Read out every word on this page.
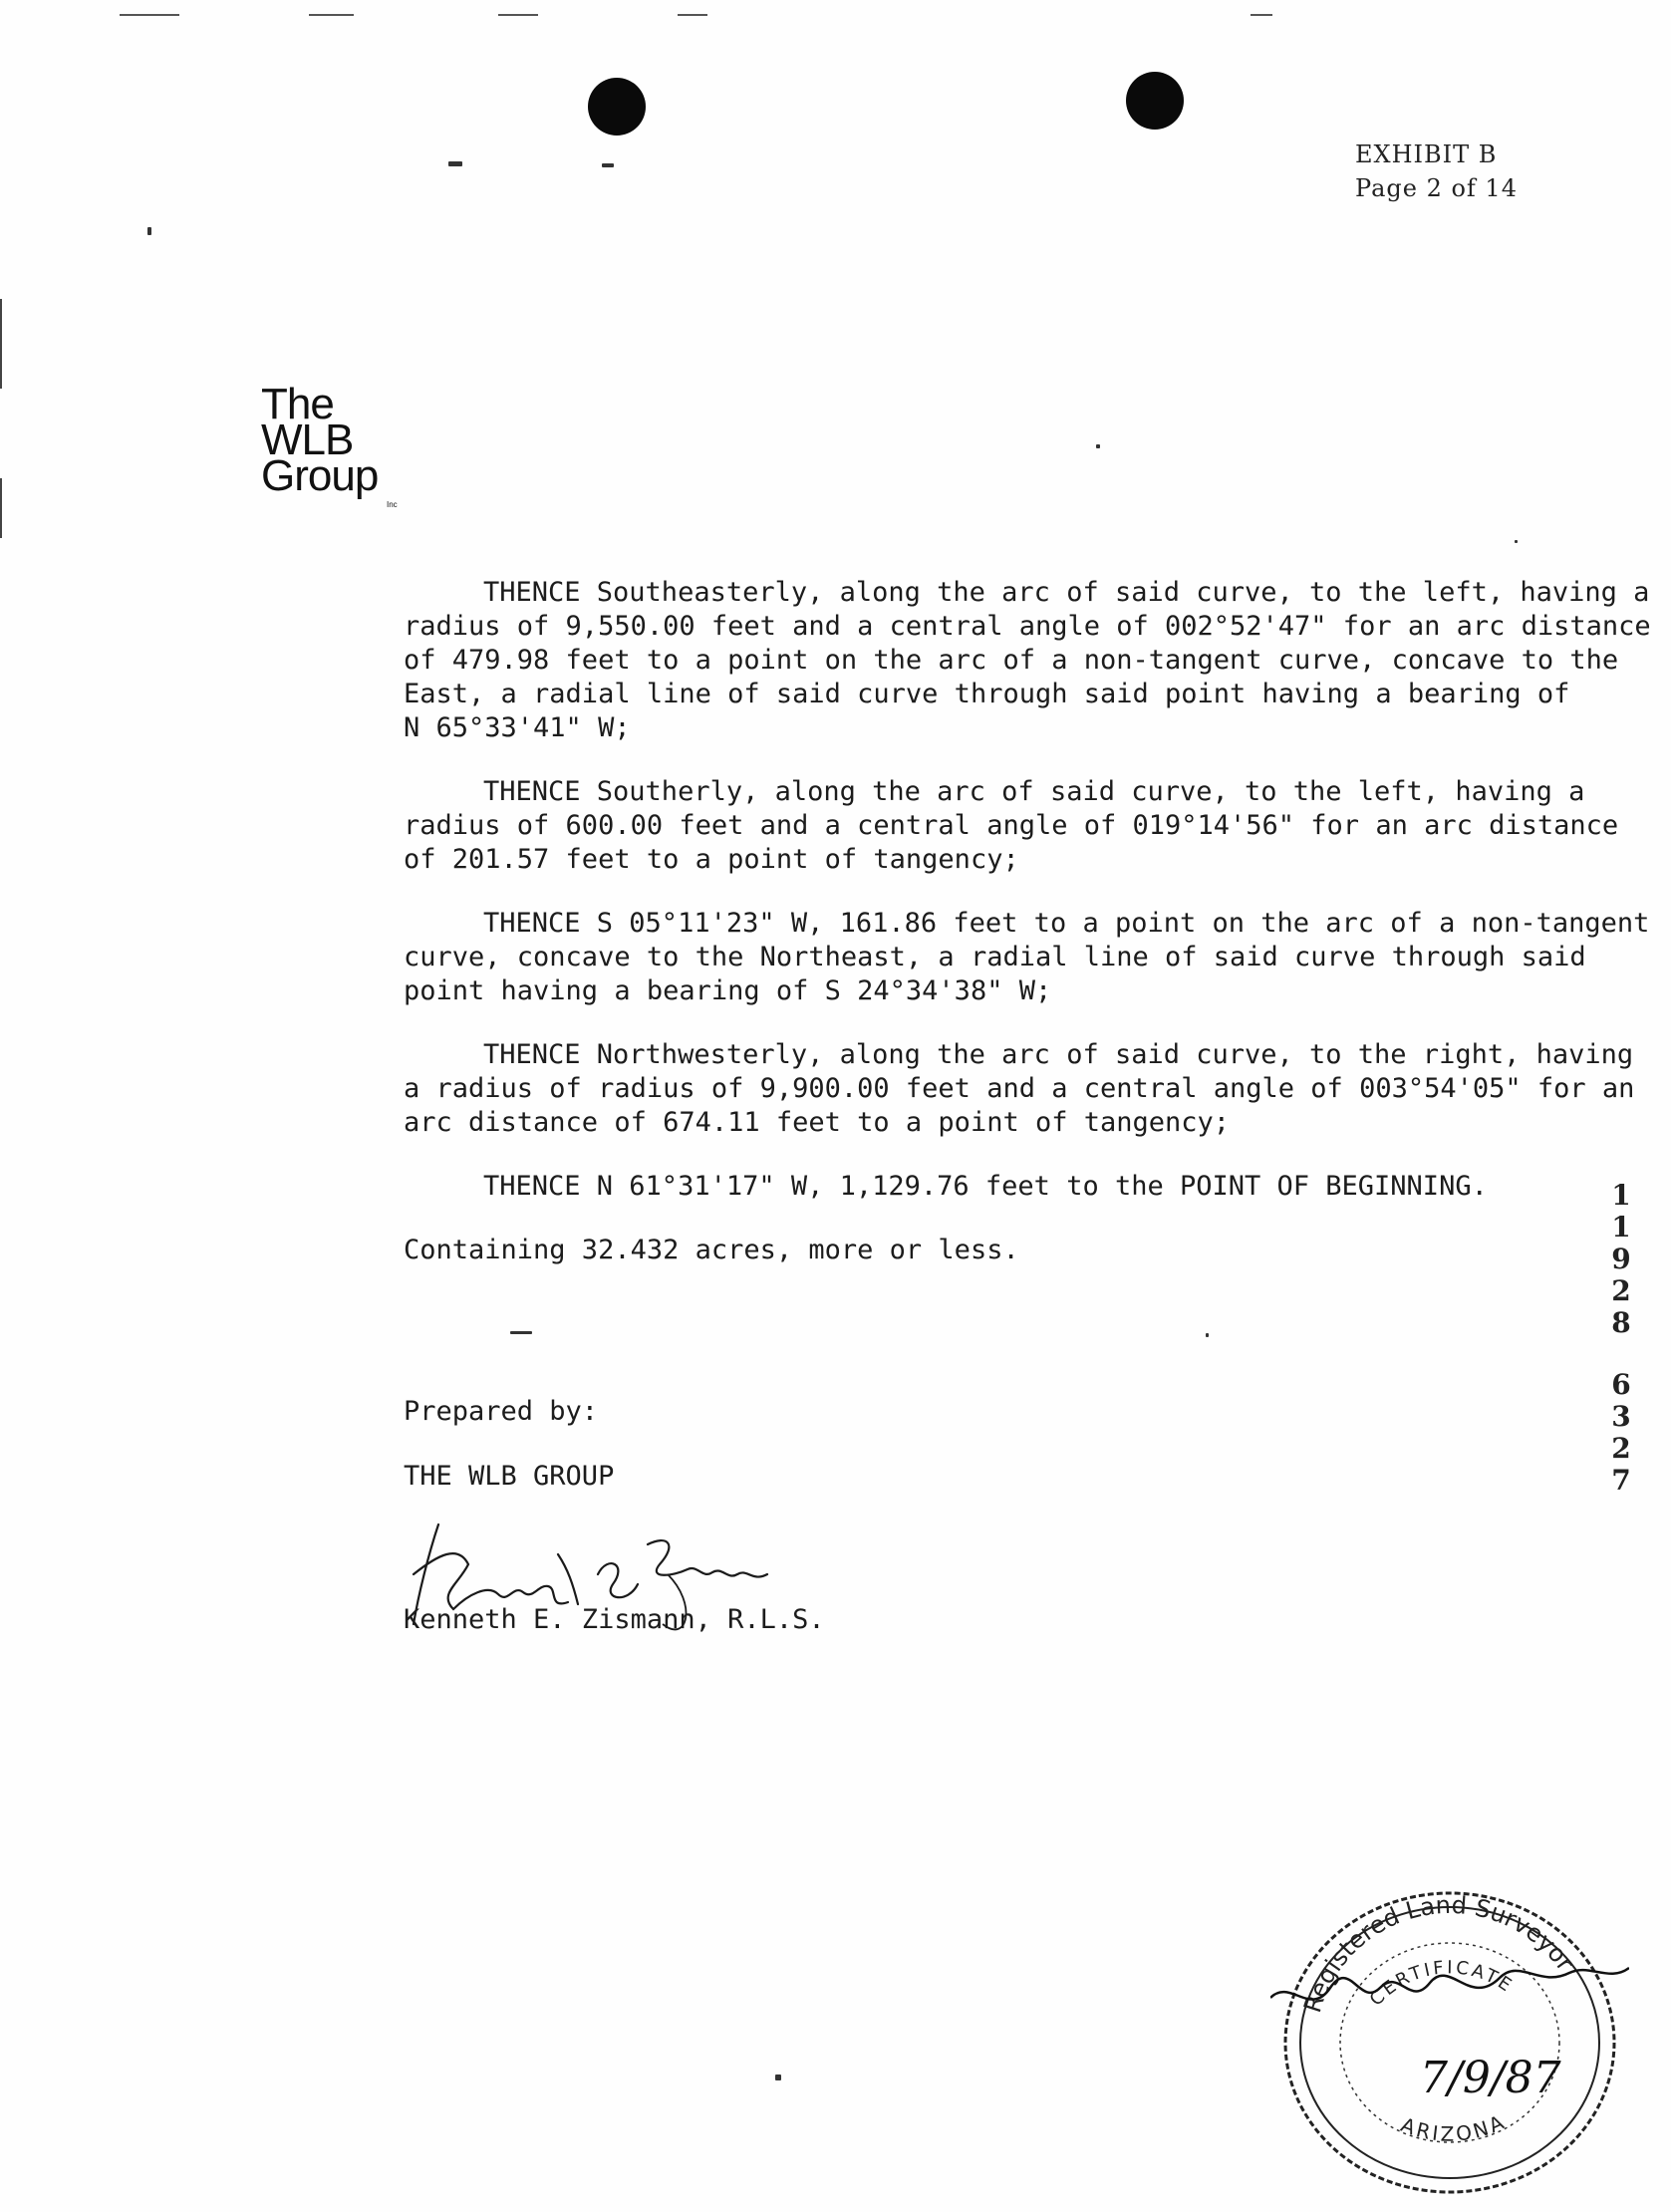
EXHIBIT B
Page 2 of 14
The
WLB
Group
Inc
THENCE Southeasterly, along the arc of said curve, to the left, having a
radius of 9,550.00 feet and a central angle of 002°52'47" for an arc distance
of 479.98 feet to a point on the arc of a non-tangent curve, concave to the
East, a radial line of said curve through said point having a bearing of
N 65°33'41" W;
THENCE Southerly, along the arc of said curve, to the left, having a
radius of 600.00 feet and a central angle of 019°14'56" for an arc distance
of 201.57 feet to a point of tangency;
THENCE S 05°11'23" W, 161.86 feet to a point on the arc of a non-tangent
curve, concave to the Northeast, a radial line of said curve through said
point having a bearing of S 24°34'38" W;
THENCE Northwesterly, along the arc of said curve, to the right, having
a radius of radius of 9,900.00 feet and a central angle of 003°54'05" for an
arc distance of 674.11 feet to a point of tangency;
THENCE N 61°31'17" W, 1,129.76 feet to the POINT OF BEGINNING.
Containing 32.432 acres, more or less.
1
1
9
2
8
6
3
2
7
Prepared by:
THE WLB GROUP
Kenneth E. Zismann, R.L.S.
Registered Land Surveyor
CERTIFICATE
ARIZONA
7/9/87
